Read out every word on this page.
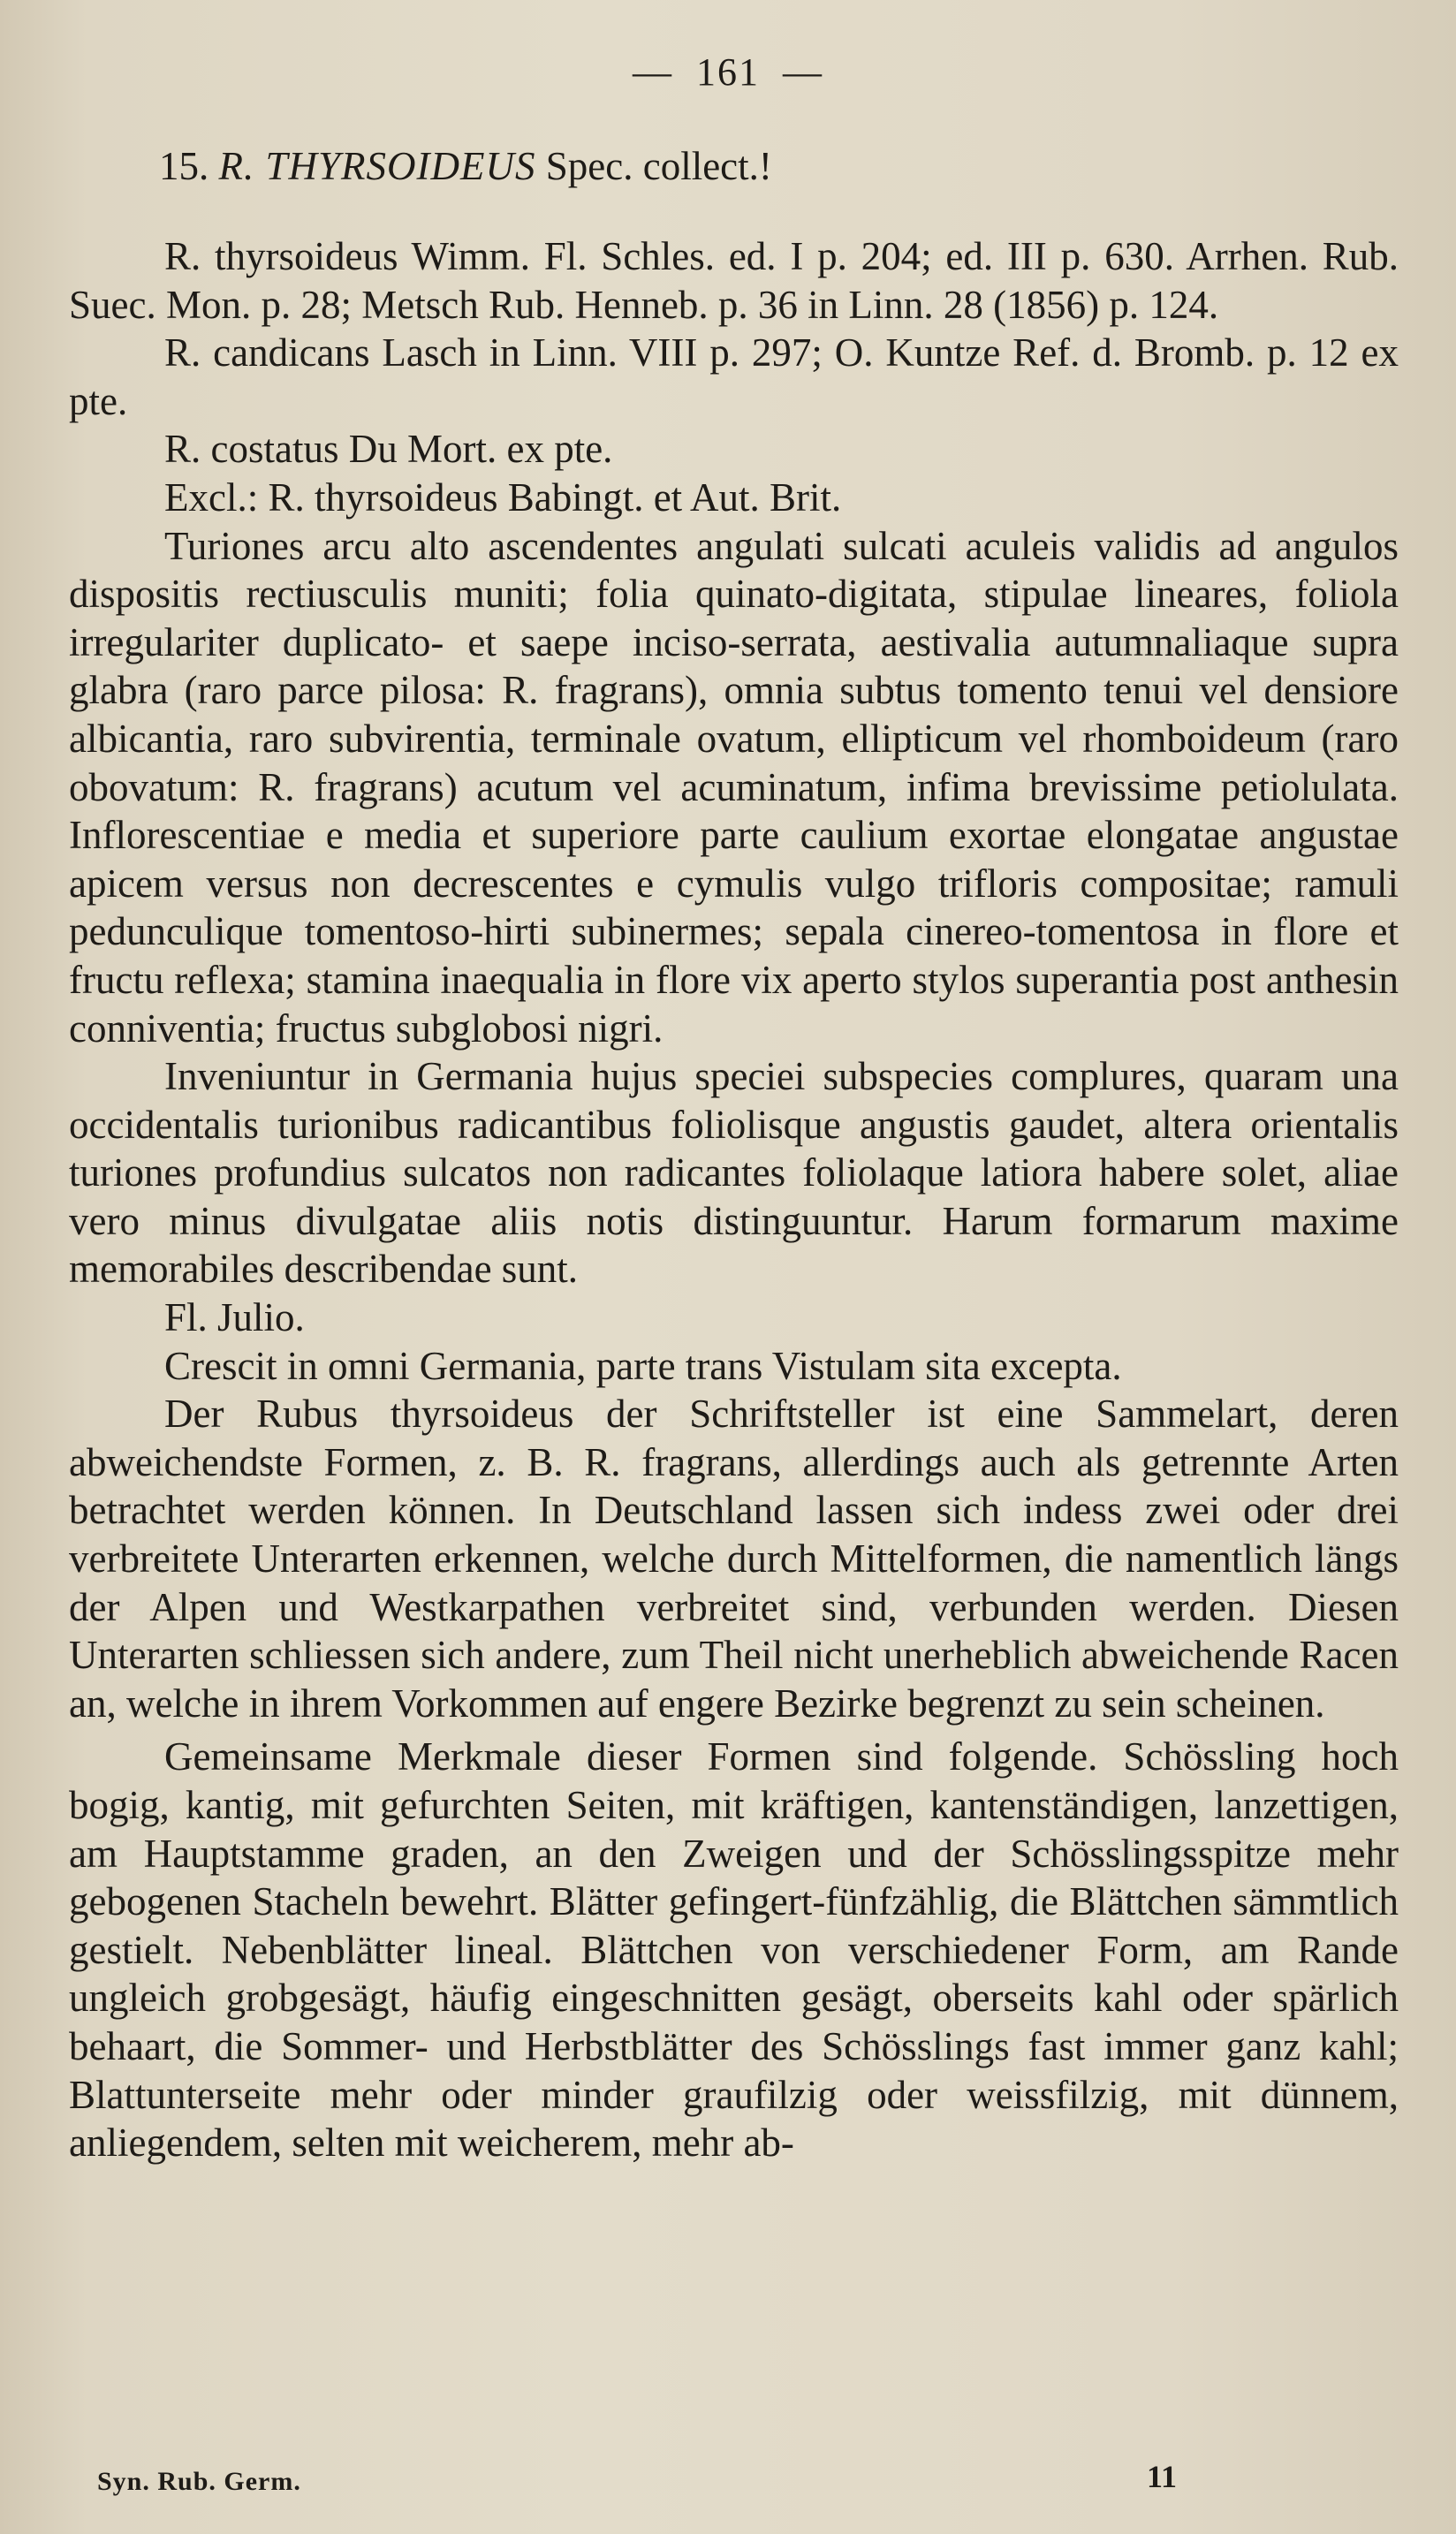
— 161 —
15. R. THYRSOIDEUS Spec. collect.!

R. thyrsoideus Wimm. Fl. Schles. ed. I p. 204; ed. III p. 630. Arrhen. Rub. Suec. Mon. p. 28; Metsch Rub. Henneb. p. 36 in Linn. 28 (1856) p. 124.

R. candicans Lasch in Linn. VIII p. 297; O. Kuntze Ref. d. Bromb. p. 12 ex pte.

R. costatus Du Mort. ex pte.

Excl.: R. thyrsoideus Babingt. et Aut. Brit.

Turiones arcu alto ascendentes angulati sulcati aculeis validis ad angulos dispositis rectiusculis muniti; folia quinato-digitata, stipulae lineares, foliola irregulariter duplicato- et saepe inciso-serrata, aestivalia autumnaliaque supra glabra (raro parce pilosa: R. fragrans), omnia subtus tomento tenui vel densiore albicantia, raro subvirentia, terminale ovatum, ellipticum vel rhomboideum (raro obovatum: R. fragrans) acutum vel acuminatum, infima brevissime petiolulata. Inflorescentiae e media et superiore parte caulium exortae elongatae angustae apicem versus non decrescentes e cymulis vulgo trifloris compositae; ramuli pedunculique tomentoso-hirti subinermes; sepala cinereo-tomentosa in flore et fructu reflexa; stamina inaequalia in flore vix aperto stylos superantia post anthesin conniventia; fructus subglobosi nigri.

Inveniuntur in Germania hujus speciei subspecies complures, quaram una occidentalis turionibus radicantibus foliolisque angustis gaudet, altera orientalis turiones profundius sulcatos non radicantes foliolaque latiora habere solet, aliae vero minus divulgatae aliis notis distinguuntur. Harum formarum maxime memorabiles describendae sunt.

Fl. Julio.

Crescit in omni Germania, parte trans Vistulam sita excepta.

Der Rubus thyrsoideus der Schriftsteller ist eine Sammelart, deren abweichendste Formen, z. B. R. fragrans, allerdings auch als getrennte Arten betrachtet werden können. In Deutschland lassen sich indess zwei oder drei verbreitete Unterarten erkennen, welche durch Mittelformen, die namentlich längs der Alpen und Westkarpathen verbreitet sind, verbunden werden. Diesen Unterarten schliessen sich andere, zum Theil nicht unerheblich abweichende Racen an, welche in ihrem Vorkommen auf engere Bezirke begrenzt zu sein scheinen.

Gemeinsame Merkmale dieser Formen sind folgende. Schössling hoch bogig, kantig, mit gefurchten Seiten, mit kräftigen, kantenständigen, lanzettigen, am Hauptstamme graden, an den Zweigen und der Schösslingsspitze mehr gebogenen Stacheln bewehrt. Blätter gefingert-fünfzählig, die Blättchen sämmtlich gestielt. Nebenblätter lineal. Blättchen von verschiedener Form, am Rande ungleich grobgesägt, häufig eingeschnitten gesägt, oberseits kahl oder spärlich behaart, die Sommer- und Herbstblätter des Schösslings fast immer ganz kahl; Blattunterseite mehr oder minder graufilzig oder weissfilzig, mit dünnem, anliegendem, selten mit weicherem, mehr ab-

Syn. Rub. Germ.	11
